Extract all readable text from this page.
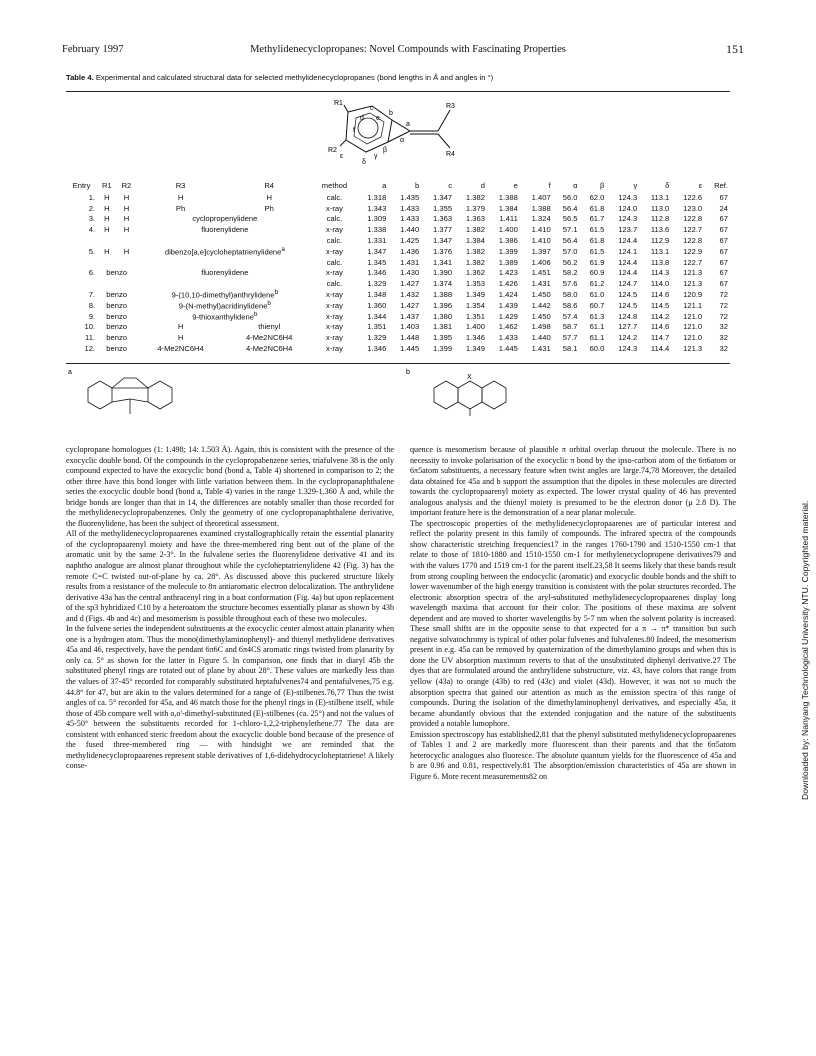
February 1997	Methylidenecyclopropanes: Novel Compounds with Fascinating Properties	151
Table 4. Experimental and calculated structural data for selected methylidenecyclopropanes (bond lengths in Å and angles in °)
R1
R2
R3
R4
a
b
c
d e
f
α
β
γ
δ
ε
Entry	R1	R2	R3	R4	method	a	b	c	d	e	f	α	β	γ	δ	ε	Ref.
1.	H	H	H	H	calc.	1.318	1.435	1.347	1.382	1.388	1.407	56.0	62.0	124.3	113.1	122.6	67
2.	H	H	Ph	Ph	x-ray	1.343	1.433	1.355	1.379	1.384	1.388	56.4	61.8	124.0	113.0	123.0	24
3.	H	H	cyclopropenylidene		calc.	1.309	1.433	1.363	1.363	1.411	1.324	56.5	61.7	124.3	112.8	122.8	67
4.	H	H	fluorenylidene		x-ray	1.338	1.440	1.377	1.382	1.400	1.410	57.1	61.5	123.7	113.6	122.7	67
					calc.	1.331	1.425	1.347	1.384	1.386	1.410	56.4	61.8	124.4	112.9	122.8	67
5.	H	H	dibenzo[a,e]cycloheptatrienylidene$^a$		x-ray	1.347	1.436	1.376	1.382	1.399	1.397	57.0	61.5	124.1	113.1	122.9	67
					calc.	1.345	1.431	1.341	1.382	1.389	1.406	56.2	61.9	124.4	113.8	122.7	67
6.	benzo		fluorenylidene		x-ray	1.346	1.430	1.390	1.362	1.423	1.451	58.2	60.9	124.4	114.3	121.3	67
					calc.	1.329	1.427	1.374	1.353	1.426	1.431	57.6	61.2	124.7	114.0	121.3	67
7.	benzo		9-(10,10-dimethyl)anthrylidene$^b$		x-ray	1.348	1.432	1.388	1.349	1.424	1.450	58.0	61.0	124.5	114.6	120.9	72
8.	benzo		9-(N-methyl)acridinylidene$^b$		x-ray	1.360	1.427	1.396	1.354	1.439	1.442	58.6	60.7	124.5	114.5	121.1	72
9.	benzo		9-thioxanthylidene$^b$		x-ray	1.344	1.437	1.380	1.351	1.429	1.450	57.4	61.3	124.8	114.2	121.0	72
10.	benzo		H	thienyl	x-ray	1.351	1.403	1.381	1.400	1.462	1.498	58.7	61.1	127.7	114.6	121.0	32
11.	benzo		H	4-Me2NC6H4	x-ray	1.329	1.448	1.395	1.346	1.433	1.440	57.7	61.1	124.2	114.7	121.0	32
12.	benzo		4-Me2NC6H4	4-Me2NC6H4	x-ray	1.346	1.445	1.399	1.349	1.445	1.431	58.1	60.0	124.3	114.4	121.3	32
a	b
X

cyclopropane homologues (1: 1.498; 14: 1.503 Å). Again, this is consistent with the presence of the exocyclic double bond. Of the compounds in the cyclopropabenzene series, triafulvene 38 is the only compound expected to have the exocyclic bond (bond a, Table 4) shortened in comparison to 2; the other three have this bond longer with little variation between them. In the cyclopropanaphthalene series the exocyclic double bond (bond a, Table 4) varies in the range 1.329-1.360 Å and, while the bridge bonds are longer than that in 14, the differences are notably smaller than those recorded for the methylidenecyclopropabenzenes. Only the geometry of one cyclopropanaphthalene derivative, the fluorenylidene, has been the subject of theoretical assessment.
All of the methylidenecyclopropaarenes examined crystallographically retain the essential planarity of the cyclopropaarenyl moiety and have the three-membered ring bent out of the plane of the aromatic unit by the same 2-3°. In the fulvalene series the fluorenylidene derivative 41 and its naphtho analogue are almost planar throughout while the cycloheptatrienylidene 42 (Fig. 3) has the remote C=C twisted out-of-plane by ca. 28°. As discussed above this puckered structure likely results from a resistance of the molecule to 8π antiaromatic electron delocalization. The anthrylidene derivative 43a has the central anthracenyl ring in a boat conformation (Fig. 4a) but upon replacement of the sp3 hybridized C10 by a heteroatom the structure becomes essentially planar as shown by 43b and d (Figs. 4b and 4c) and mesomerism is possible throughout each of these two molecules.
In the fulvene series the independent substituents at the exocyclic center almost attain planarity when one is a hydrogen atom. Thus the mono(dimethylaminophenyl)- and thienyl methylidene derivatives 45a and 46, respectively, have the pendant 6π6C and 6π4CS aromatic rings twisted from planarity by only ca. 5° as shown for the latter in Figure 5. In comparison, one finds that in diaryl 45b the substituted phenyl rings are rotated out of plane by about 28°. These values are markedly less than the values of 37-45° recorded for comparably substituted heptafulvenes74 and pentafulvenes,75 e.g. 44.8° for 47, but are akin to the values determined for a range of (E)-stilbenes.76,77 Thus the twist angles of ca. 5° recorded for 45a, and 46 match those for the phenyl rings in (E)-stilbene itself, while those of 45b compare well with o,o'-dimethyl-substituted (E)-stilbenes (ca. 25°) and not the values of 45-50° between the substituents recorded for 1-chloro-1,2,2-triphenylethene.77 The data are consistent with enhanced steric freedom about the exocyclic double bond because of the presence of the fused three-membered ring — with hindsight we are reminded that the methylidenecyclopropaarenes represent stable derivatives of 1,6-didehydrocycloheptatriene! A likely conse-

quence is mesomerism because of plausible π orbital overlap thruout the molecule. There is no necessity to invoke polarisation of the exocyclic π bond by the ipso-carbon atom of the 6π6atom or 6π5atom substituents, a necessary feature when twist angles are large.74,78 Moreover, the detailed data obtained for 45a and b support the assumption that the dipoles in these molecules are directed towards the cyclopropaarenyl moiety as expected. The lower crystal quality of 46 has prevented analogous analysis and the thienyl moiety is presumed to be the electron donor (μ 2.8 D). The important feature here is the demonstration of a near planar molecule.
The spectroscopic properties of the methylidenecyclopropaarenes are of particular interest and reflect the polarity present in this family of compounds. The infrared spectra of the compounds show characteristic stretching frequencies17 in the ranges 1760-1790 and 1510-1550 cm-1 that relate to those of 1810-1880 and 1510-1550 cm-1 for methylenecyclopropene derivatives79 and with the values 1770 and 1519 cm-1 for the parent itself.23,58 It seems likely that these bands result from strong coupling between the endocyclic (aromatic) and exocyclic double bonds and the shift to lower wavenumber of the high energy transition is consistent with the polar structures recorded. The electronic absorption spectra of the aryl-substituted methylidenecyclopropaarenes display long wavelength maxima that account for their color. The positions of these maxima are solvent dependent and are moved to shorter wavelengths by 5-7 nm when the solvent polarity is increased. These small shifts are in the opposite sense to that expected for a π → π* transition but such negative solvatochromy is typical of other polar fulvenes and fulvalenes.80 Indeed, the mesomerism present in e.g. 45a can be removed by quaternization of the dimethylamino groups and when this is done the UV absorption maximum reverts to that of the unsubstituted diphenyl derivative.27 The dyes that are formulated around the anthrylidene substructure, viz. 43, have colors that range from yellow (43a) to orange (43b) to red (43c) and violet (43d). However, it was not so much the absorption spectra that gained our attention as much as the emission spectra of this range of compounds. During the isolation of the dimethylaminophenyl derivatives, and especially 45a, it became abundantly obvious that the extended conjugation and the nature of the substituents provided a notable lumophore.
Emission spectroscopy has established2,81 that the phenyl substituted methylidenecyclopropaarenes of Tables 1 and 2 are markedly more fluorescent than their parents and that the 6π5atom heterocyclic analogues also fluoresce. The absolute quantum yields for the fluorescence of 45a and b are 0.96 and 0.81, respectively.81 The absorption/emission characteristics of 45a are shown in Figure 6. More recent measurements82 on	Downloaded by: Nanyang Technological University NTU. Copyrighted material.
